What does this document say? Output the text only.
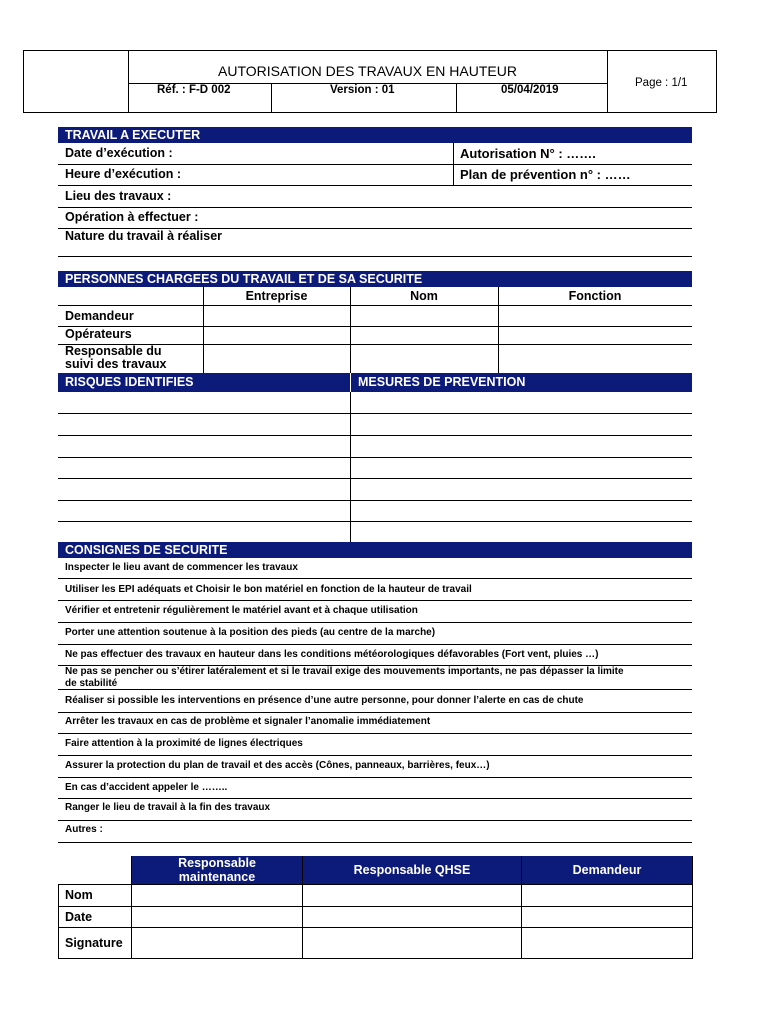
AUTORISATION DES TRAVAUX EN HAUTEUR
Réf. : F-D 002	Version : 01	05/04/2019
Page : 1/1
TRAVAIL A EXECUTER
Date d’exécution :	Autorisation N° : …….
Heure d’exécution :	Plan de prévention n° : ……
Lieu des travaux :
Opération à effectuer :
Nature du travail à réaliser
PERSONNES CHARGEES DU TRAVAIL ET DE SA SECURITE
Entreprise	Nom	Fonction
Demandeur
Opérateurs
Responsable du
suivi des travaux
RISQUES IDENTIFIES	MESURES DE PREVENTION
CONSIGNES DE SECURITE
Inspecter le lieu avant de commencer les travaux
Utiliser les EPI adéquats et Choisir le bon matériel en fonction de la hauteur de travail
Vérifier et entretenir régulièrement le matériel avant et à chaque utilisation
Porter une attention soutenue à la position des pieds (au centre de la marche)
Ne pas effectuer des travaux en hauteur dans les conditions météorologiques défavorables (Fort vent, pluies …)
Ne pas se pencher ou s’étirer latéralement et si le travail exige des mouvements importants, ne pas dépasser la limite
de stabilité
Réaliser si possible les interventions en présence d’une autre personne, pour donner l’alerte en cas de chute
Arrêter les travaux en cas de problème et signaler l’anomalie immédiatement
Faire attention à la proximité de lignes électriques
Assurer la protection du plan de travail et des accès (Cônes, panneaux, barrières, feux…)
En cas d’accident appeler le ……..
Ranger le lieu de travail à la fin des travaux
Autres :
Responsable
maintenance	Responsable QHSE	Demandeur
Nom
Date
Signature
